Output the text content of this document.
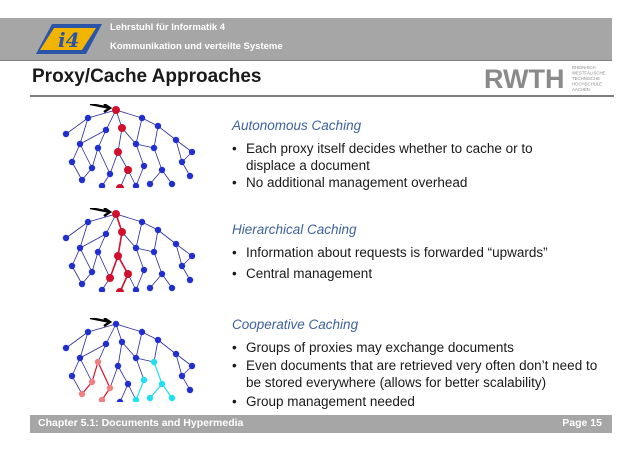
i4
Lehrstuhl für Informatik 4
Kommunikation und verteilte Systeme
Proxy/Cache Approaches	RWTH RHEINISCH
WESTFÄLISCHE
TECHNISCHE
HOCHSCHULE
AACHEN
Autonomous Caching
• Each proxy itself decides whether to cache or to
displace a document
• No additional management overhead
Hierarchical Caching
• Information about requests is forwarded “upwards”
• Central management
Cooperative Caching
• Groups of proxies may exchange documents
• Even documents that are retrieved very often don’t need to
be stored everywhere (allows for better scalability)
• Group management needed
Chapter 5.1: Documents and Hypermedia	Page 15
